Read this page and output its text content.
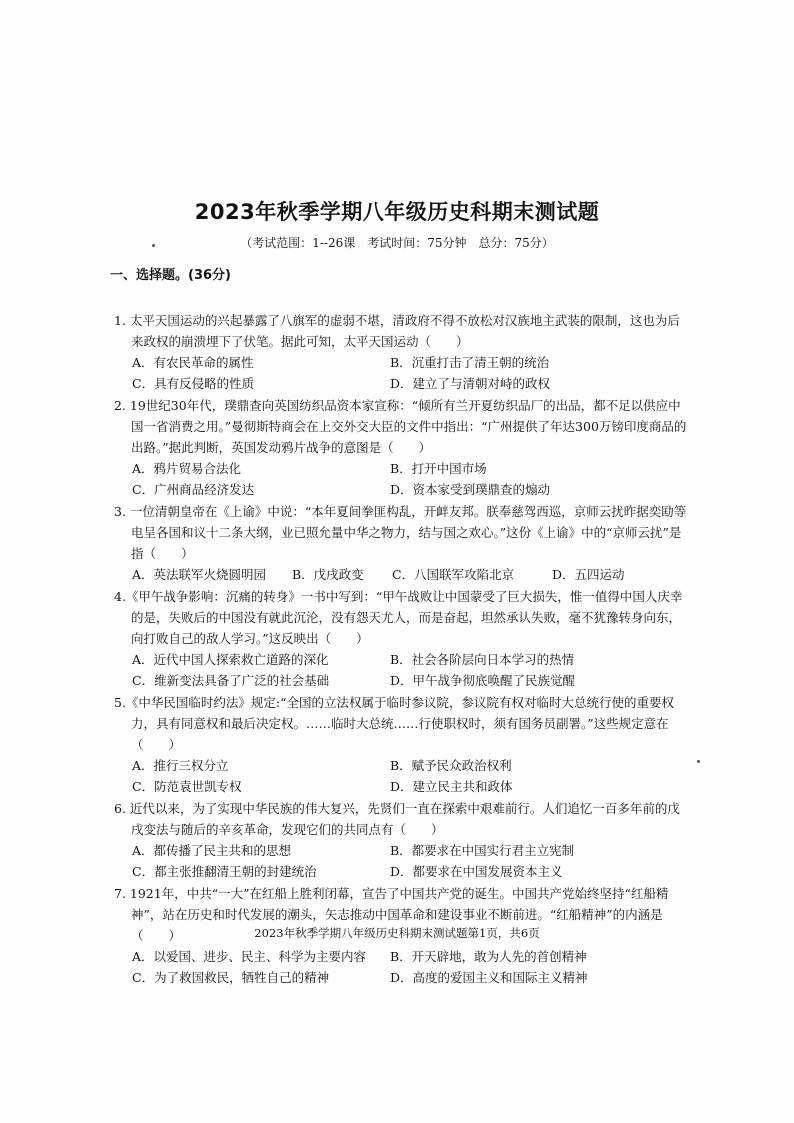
2023年秋季学期八年级历史科期末测试题
（考试范围：1--26课　考试时间：75分钟　总分：75分）
一、选择题。(36分)
1. 太平天国运动的兴起暴露了八旗军的虚弱不堪，清政府不得不放松对汉族地主武装的限制，这也为后来政权的崩溃埋下了伏笔。据此可知，太平天国运动（　　）
A．有农民革命的属性	B．沉重打击了清王朝的统治
C．具有反侵略的性质	D．建立了与清朝对峙的政权
2. 19世纪30年代，璞鼎查向英国纺织品资本家宣称：“倾所有兰开夏纺织品厂的出品，都不足以供应中国一省消费之用。”曼彻斯特商会在上交外交大臣的文件中指出：“广州提供了年达300万镑印度商品的出路。”据此判断，英国发动鸦片战争的意图是（　　）
A．鸦片贸易合法化	B．打开中国市场
C．广州商品经济发达	D．资本家受到璞鼎查的煽动
3. 一位清朝皇帝在《上谕》中说：“本年夏间拳匪构乱，开衅友邦。朕奉慈驾西巡，京师云扰昨据奕劻等电呈各国和议十二条大纲，业已照允量中华之物力，结与国之欢心。”这份《上谕》中的“京师云扰”是指（　　）
A．英法联军火烧圆明园	B．戊戌政变	C．八国联军攻陷北京	D．五四运动
4.《甲午战争影响：沉痛的转身》一书中写到：“甲午战败让中国蒙受了巨大损失，惟一值得中国人庆幸的是，失败后的中国没有就此沉沦，没有怨天尤人，而是奋起，坦然承认失败，毫不犹豫转身向东，向打败自己的敌人学习。”这反映出（　　）
A．近代中国人探索救亡道路的深化	B．社会各阶层向日本学习的热情
C．维新变法具备了广泛的社会基础	D．甲午战争彻底唤醒了民族觉醒
5.《中华民国临时约法》规定:“全国的立法权属于临时参议院，参议院有权对临时大总统行使的重要权力，具有同意权和最后决定权。……临时大总统……行使职权时，须有国务员副署。”这些规定意在（　　）
A．推行三权分立	B．赋予民众政治权利
C．防范袁世凯专权	D．建立民主共和政体
6. 近代以来，为了实现中华民族的伟大复兴，先贤们一直在探索中艰难前行。人们追忆一百多年前的戊戌变法与随后的辛亥革命，发现它们的共同点有（　　）
A．都传播了民主共和的思想	B．都要求在中国实行君主立宪制
C．都主张推翻清王朝的封建统治	D．都要求在中国发展资本主义
7. 1921年，中共“一大”在红船上胜利闭幕，宣告了中国共产党的诞生。中国共产党始终坚持“红船精神”，站在历史和时代发展的潮头，矢志推动中国革命和建设事业不断前进。“红船精神”的内涵是（　　）
A．以爱国、进步、民主、科学为主要内容	B．开天辟地，敢为人先的首创精神
C．为了救国救民，牺牲自己的精神	D．高度的爱国主义和国际主义精神
2023年秋季学期八年级历史科期末测试题第1页，共6页
